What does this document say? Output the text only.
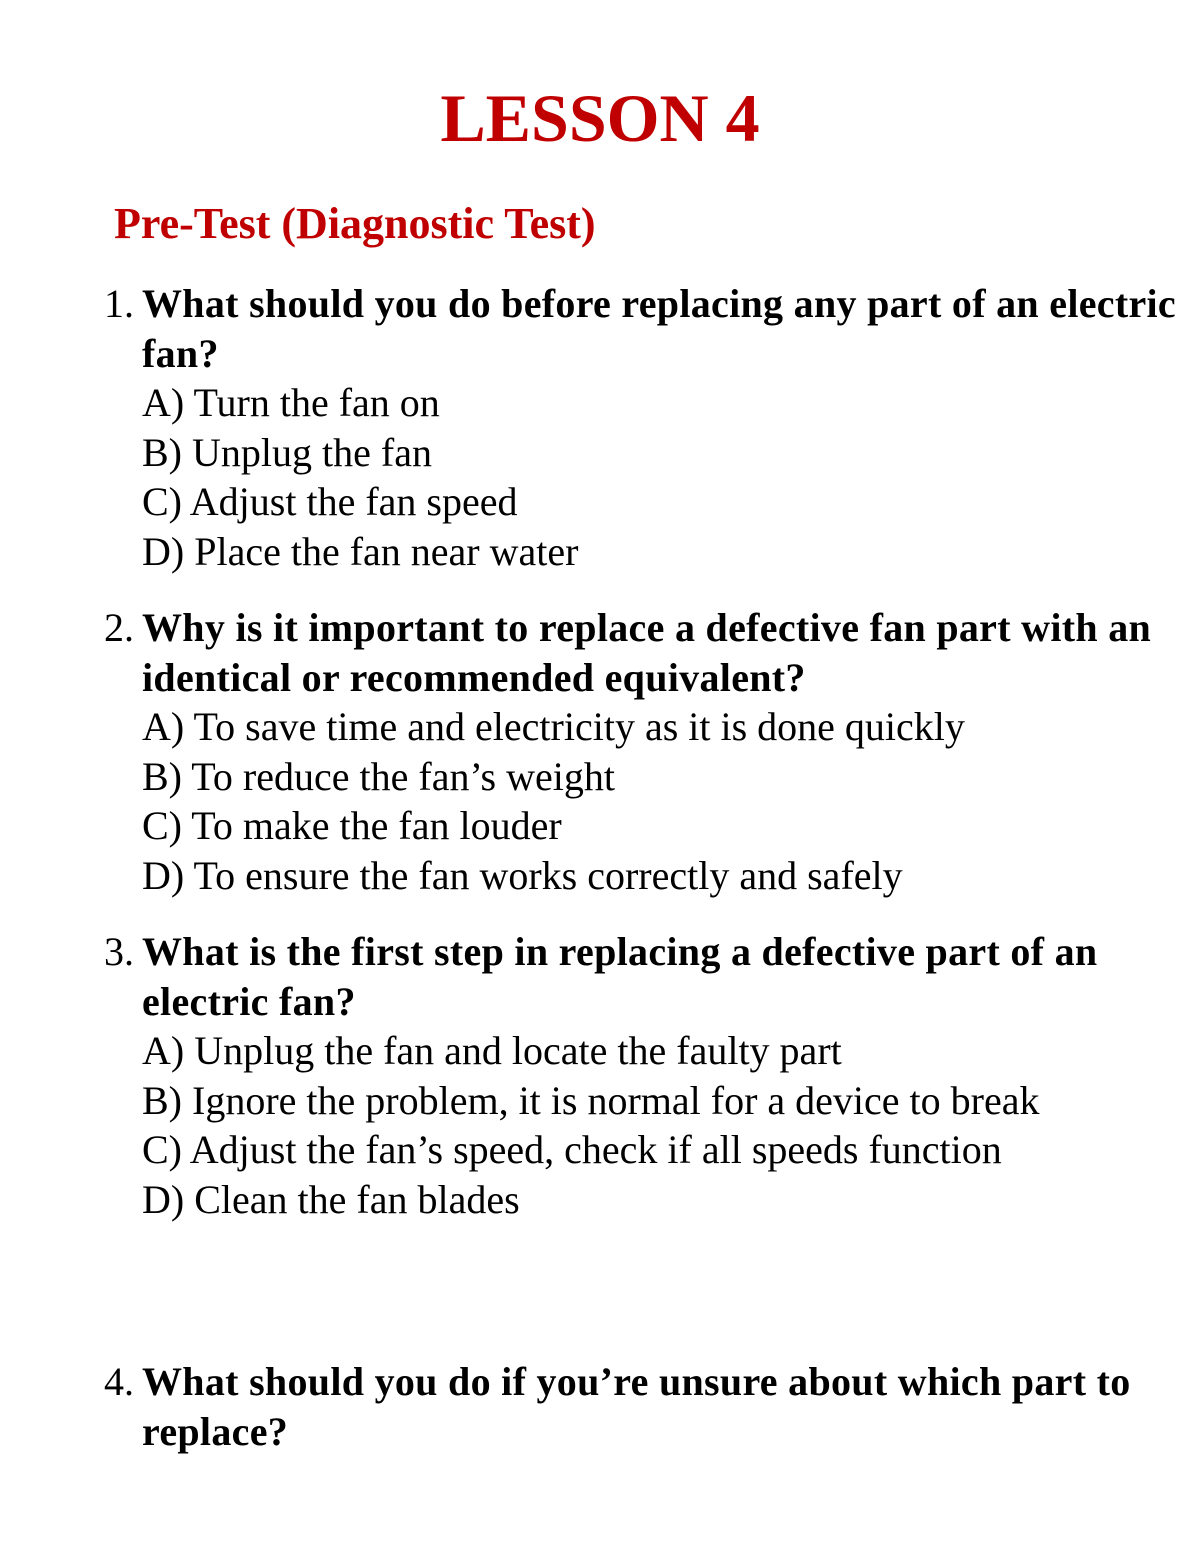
LESSON 4
Pre-Test (Diagnostic Test)
1. What should you do before replacing any part of an electric fan?
A) Turn the fan on
B) Unplug the fan
C) Adjust the fan speed
D) Place the fan near water
2. Why is it important to replace a defective fan part with an identical or recommended equivalent?
A) To save time and electricity as it is done quickly
B) To reduce the fan’s weight
C) To make the fan louder
D) To ensure the fan works correctly and safely
3. What is the first step in replacing a defective part of an electric fan?
A) Unplug the fan and locate the faulty part
B) Ignore the problem, it is normal for a device to break
C) Adjust the fan’s speed, check if all speeds function
D) Clean the fan blades
4. What should you do if you’re unsure about which part to replace?
